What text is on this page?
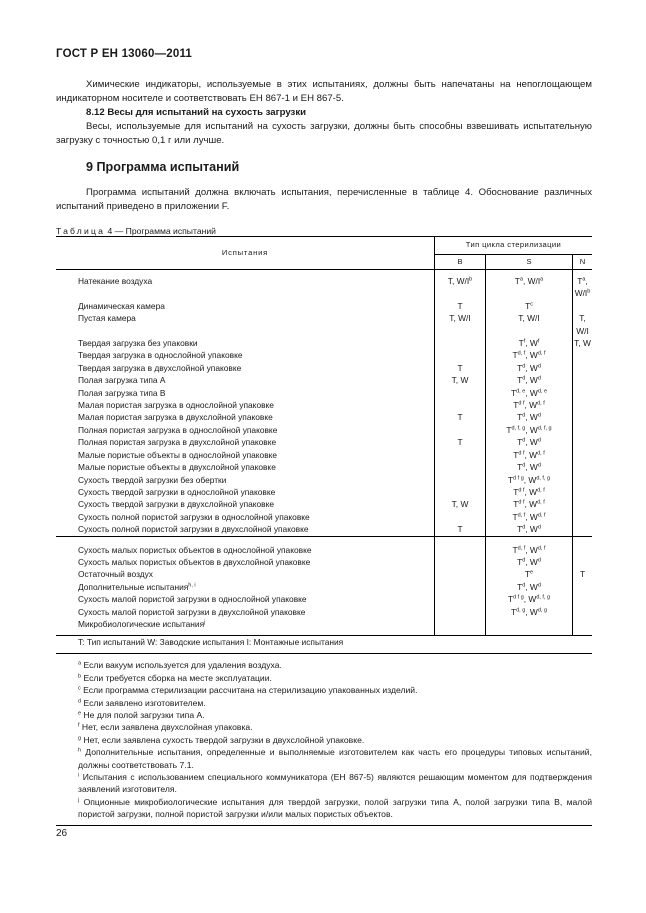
ГОСТ Р ЕН 13060—2011
Химические индикаторы, используемые в этих испытаниях, должны быть напечатаны на непоглощающем индикаторном носителе и соответствовать ЕН 867-1 и ЕН 867-5.
8.12 Весы для испытаний на сухость загрузки
Весы, используемые для испытаний на сухость загрузки, должны быть способны взвешивать испытательную загрузку с точностью 0,1 г или лучше.
9 Программа испытаний
Программа испытаний должна включать испытания, перечисленные в таблице 4. Обоснование различных испытаний приведено в приложении F.
Таблица 4 — Программа испытаний
Испытания	Тип цикла стерилизации		
	B	S	N

Натекание воздуха	T, $W/I^b$	$T^a$, $W/I^a$	$T^a$, $W/I^b$
Динамическая камера	T	$T^c$	
Пустая камера	T, W/I	T, W/I	T, W/I
Твердая загрузка без упаковки		$T^f$, $W^f$	T, W
Твердая загрузка в однослойной упаковке		T$^{d, f}$, W$^{d, f}$	
Твердая загрузка в двухслойной упаковке	T	$T^d$, $W^d$	
Полая загрузка типа А	T, W	$T^d$, $W^d$	
Полая загрузка типа В		T$^{d, e}$, W$^{d, e}$	
Малая пористая загрузка в однослойной упаковке		$T^{d f}$, W$^{d, f}$	
Малая пористая загрузка в двухслойной упаковке	T	$T^d$, $W^d$	
Полная пористая загрузка в однослойной упаковке		T$^{d, f, g}$, W$^{d, f, g}$	
Полная пористая загрузка в двухслойной упаковке	T	$T^d$, $W^d$	
Малые пористые объекты в однослойной упаковке		$T^{d f}$, W$^{d, f}$	
Малые пористые объекты в двухслойной упаковке		$T^d$, $W^d$	
Сухость твердой загрузки без обертки		$T^{d f g}$, W$^{d, f, g}$	
Сухость твердой загрузки в однослойной упаковке		$T^{d f}$, W$^{d, f}$	
Сухость твердой загрузки в двухслойной упаковке	T, W	$T^{d f}$, W$^{d, f}$	
Сухость полной пористой загрузки в однослойной упаковке		T$^{d, f}$, W$^{d, f}$	
Сухость полной пористой загрузки в двухслойной упаковке	T	$T^d$, $W^d$	

Сухость малых пористых объектов в однослойной упаковке		T$^{d, f}$, W$^{d, f}$	
Сухость малых пористых объектов в двухслойной упаковке		$T^d$, $W^d$	
Остаточный воздух		$T^e$	T
Дополнительные испытания$^{h, i}$		$T^d$, $W^d$	
Сухость малой пористой загрузки в однослойной упаковке		$T^{d f g}$, W$^{d, f, g}$	
Сухость малой пористой загрузки в двухслойной упаковке		T$^{d, g}$, W$^{d, g}$	
Микробиологические испытания$^j$			

T: Тип испытаний W: Заводские испытания I: Монтажные испытания			

$^a$ Если вакуум используется для удаления воздуха.			
$^b$ Если требуется сборка на месте эксплуатации.			
$^c$ Если программа стерилизации рассчитана на стерилизацию упакованных изделий.			
$^d$ Если заявлено изготовителем.			
$^e$ Не для полой загрузки типа А.			
$^f$ Нет, если заявлена двухслойная упаковка.			
$^g$ Нет, если заявлена сухость твердой загрузки в двухслойной упаковке.			
$^h$ Дополнительные испытания, определенные и выполняемые изготовителем как часть его процедуры типовых испытаний, должны соответствовать 7.1.			
$^i$ Испытания с использованием специального коммуникатора (ЕН 867-5) являются решающим моментом для подтверждения заявлений изготовителя.			
$^j$ Опционные микробиологические испытания для твердой загрузки, полой загрузки типа А, полой загрузки типа В, малой пористой загрузки, полной пористой загрузки и/или малых пористых объектов.			

26
